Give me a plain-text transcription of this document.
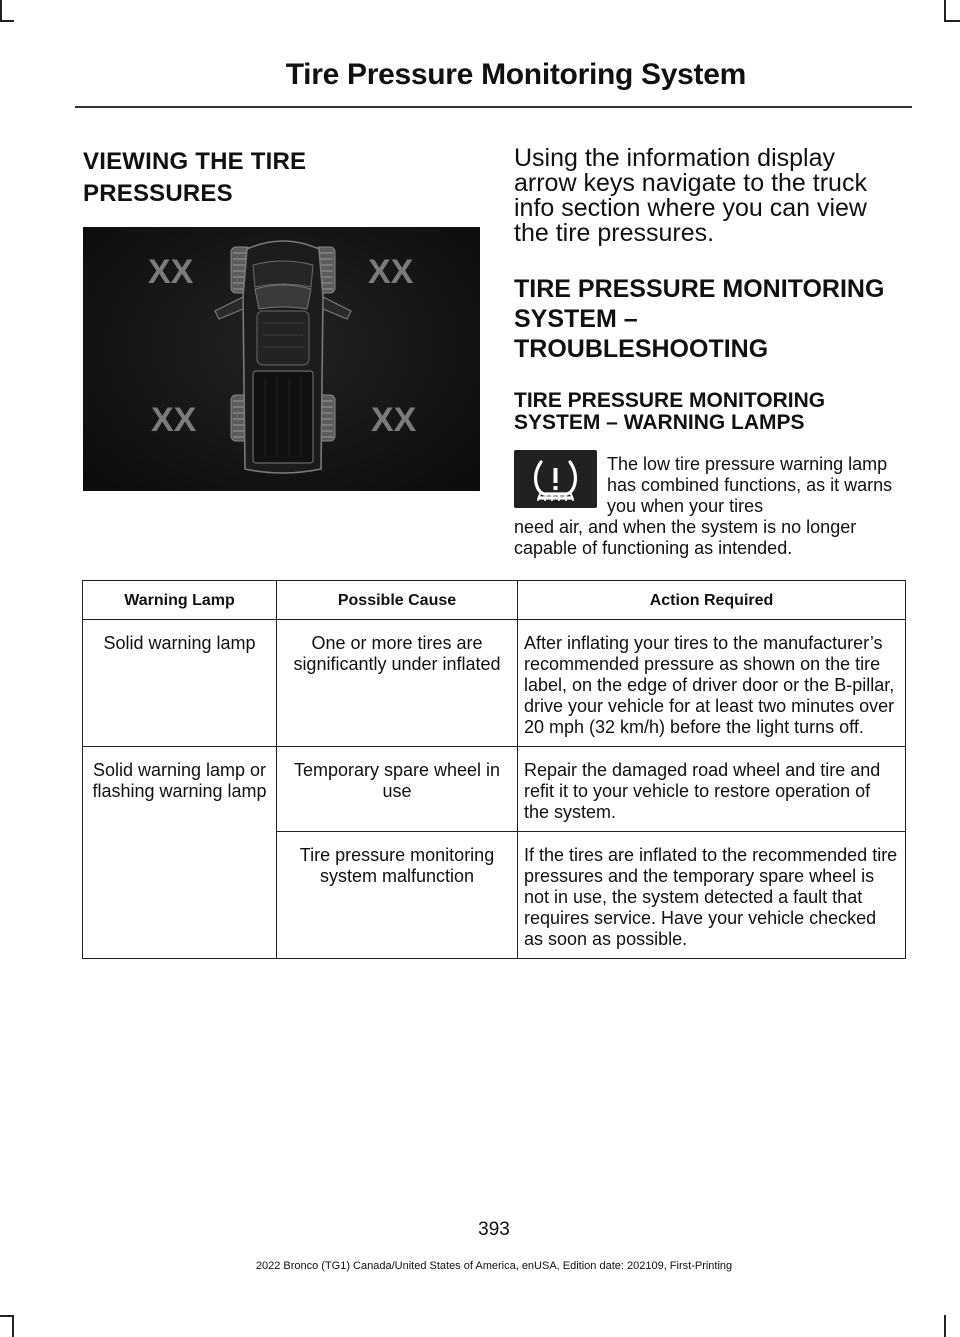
Tire Pressure Monitoring System
VIEWING THE TIRE
PRESSURES
XX	XX
XX	XX
Using the information display arrow keys navigate to the truck info section where you can view the tire pressures.
TIRE PRESSURE MONITORING
SYSTEM –
TROUBLESHOOTING
TIRE PRESSURE MONITORING SYSTEM – WARNING LAMPS
The low tire pressure warning lamp has combined functions, as it warns you when your tires
need air, and when the system is no longer capable of functioning as intended.
Warning Lamp	Possible Cause	Action Required
Solid warning lamp	One or more tires are significantly under inflated	After inflating your tires to the manufacturer’s recommended pressure as shown on the tire label, on the edge of driver door or the B-pillar, drive your vehicle for at least two minutes over 20 mph (32 km/h) before the light turns off.
Solid warning lamp or flashing warning lamp	Temporary spare wheel in use	Repair the damaged road wheel and tire and refit it to your vehicle to restore operation of the system.
	Tire pressure monitoring system malfunction	If the tires are inflated to the recommended tire pressures and the temporary spare wheel is not in use, the system detected a fault that requires service. Have your vehicle checked as soon as possible.
393
2022 Bronco (TG1) Canada/United States of America, enUSA, Edition date: 202109, First-Printing
